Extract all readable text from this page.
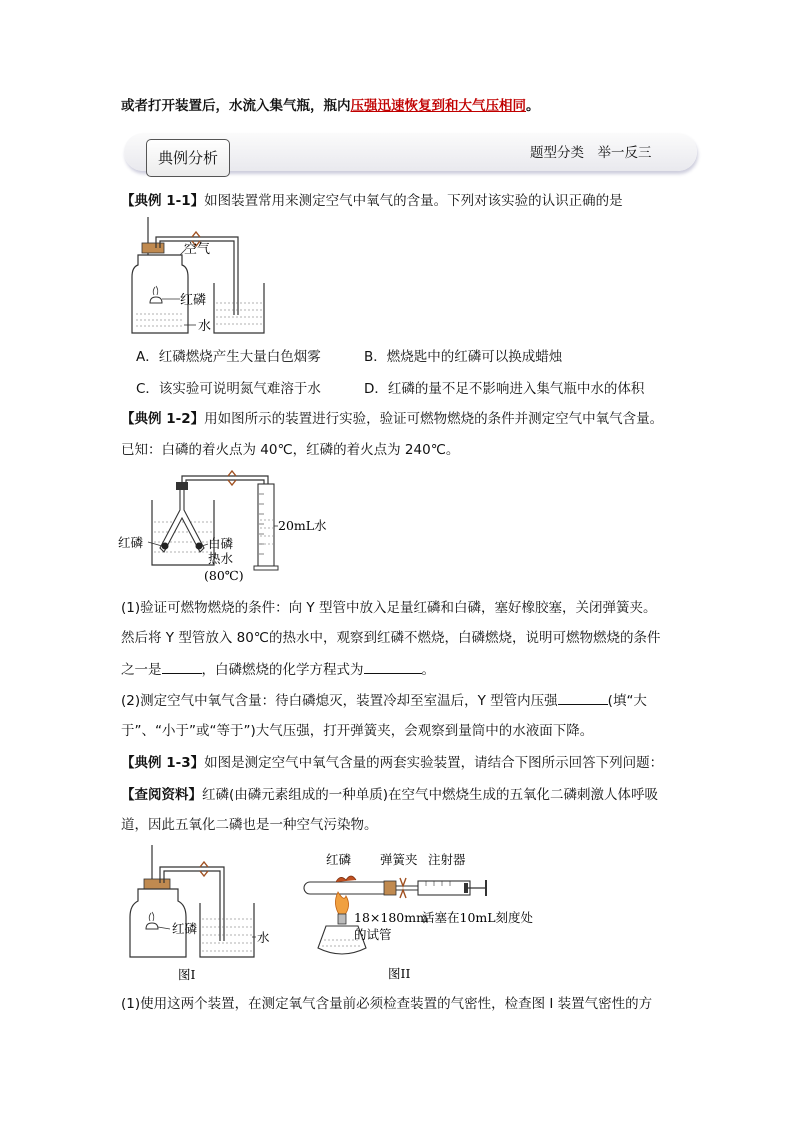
或者打开装置后，水流入集气瓶，瓶内压强迅速恢复到和大气压相同。
典例分析	题型分类　举一反三
【典例 1-1】如图装置常用来测定空气中氧气的含量。下列对该实验的认识正确的是
空气
红磷
水
A．红磷燃烧产生大量白色烟雾	B．燃烧匙中的红磷可以换成蜡烛
C．该实验可说明氮气难溶于水	D．红磷的量不足不影响进入集气瓶中水的体积
【典例 1-2】用如图所示的装置进行实验，验证可燃物燃烧的条件并测定空气中氧气含量。
已知：白磷的着火点为 40℃，红磷的着火点为 240℃。
20mL水
红磷	白磷
热水
(80℃)
(1)验证可燃物燃烧的条件：向 Y 型管中放入足量红磷和白磷，塞好橡胶塞，关闭弹簧夹。
然后将 Y 型管放入 80℃的热水中，观察到红磷不燃烧，白磷燃烧，说明可燃物燃烧的条件
之一是	，白磷燃烧的化学方程式为	。
(2)测定空气中氧气含量：待白磷熄灭，装置冷却至室温后，Y 型管内压强	(填“大
于”、“小于”或“等于”)大气压强，打开弹簧夹，会观察到量筒中的水液面下降。
【典例 1-3】如图是测定空气中氧气含量的两套实验装置，请结合下图所示回答下列问题：
【查阅资料】红磷(由磷元素组成的一种单质)在空气中燃烧生成的五氧化二磷刺激人体呼吸
道，因此五氧化二磷也是一种空气污染物。
红磷
水
图I
红磷 弹簧夹 注射器
18×180mm
的试管
活塞在10mL刻度处
图II
(1)使用这两个装置，在测定氧气含量前必须检查装置的气密性，检查图 I 装置气密性的方
